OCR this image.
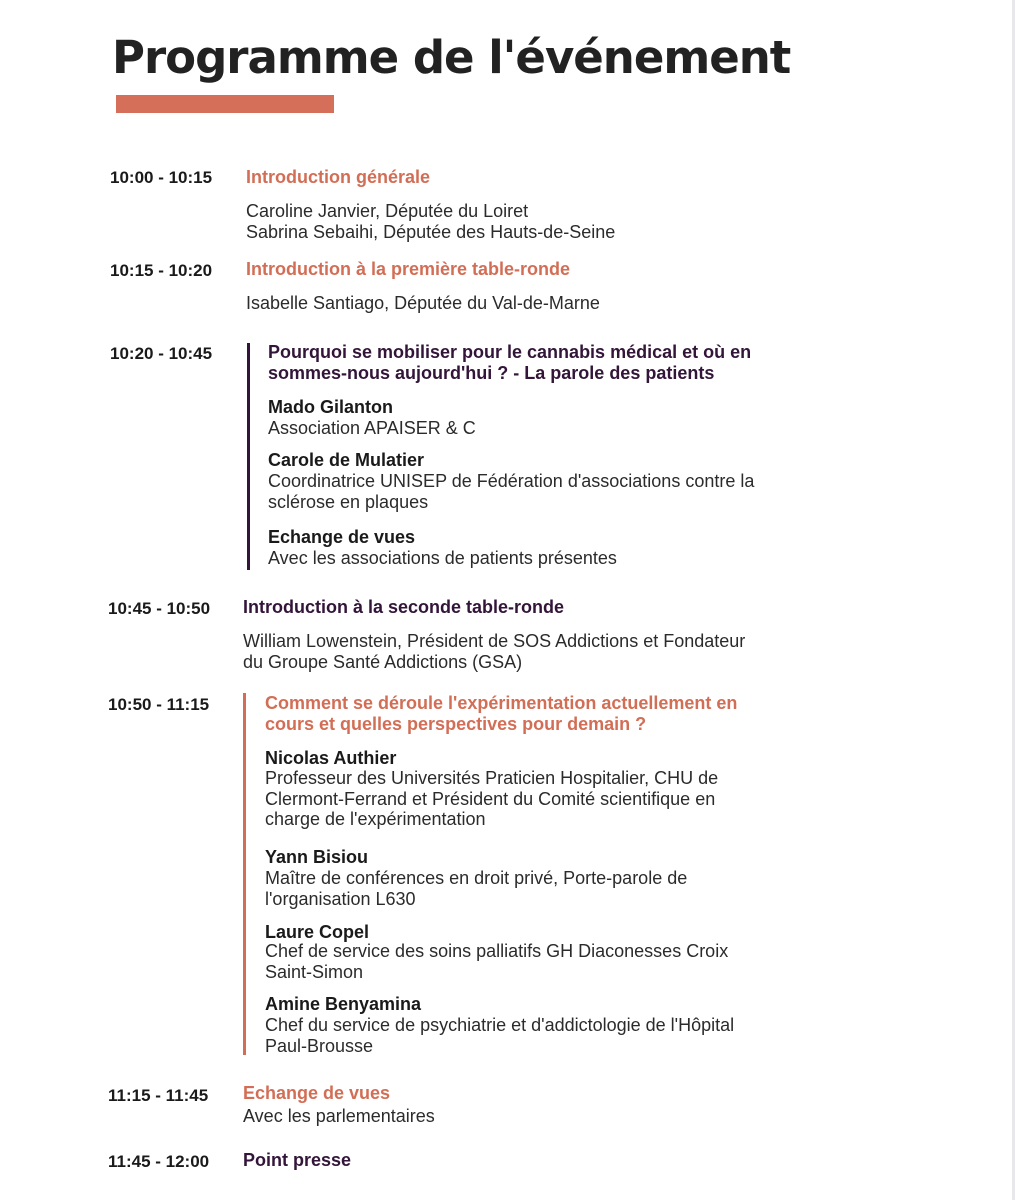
Programme de l'événement
10:00 - 10:15 Introduction générale
Caroline Janvier, Députée du Loiret
Sabrina Sebaihi, Députée des Hauts-de-Seine
10:15 - 10:20 Introduction à la première table-ronde
Isabelle Santiago, Députée du Val-de-Marne
10:20 - 10:45	Pourquoi se mobiliser pour le cannabis médical et où en
sommes-nous aujourd'hui ? - La parole des patients
Mado Gilanton
Association APAISER & C
Carole de Mulatier
Coordinatrice UNISEP de Fédération d'associations contre la
sclérose en plaques
Echange de vues
Avec les associations de patients présentes
10:45 - 10:50 Introduction à la seconde table-ronde
William Lowenstein, Président de SOS Addictions et Fondateur
du Groupe Santé Addictions (GSA)
10:50 - 11:15	Comment se déroule l'expérimentation actuellement en
cours et quelles perspectives pour demain ?
Nicolas Authier
Professeur des Universités Praticien Hospitalier, CHU de
Clermont-Ferrand et Président du Comité scientifique en
charge de l'expérimentation
Yann Bisiou
Maître de conférences en droit privé, Porte-parole de
l'organisation L630
Laure Copel
Chef de service des soins palliatifs GH Diaconesses Croix
Saint-Simon
Amine Benyamina
Chef du service de psychiatrie et d'addictologie de l'Hôpital
Paul-Brousse
11:15 - 11:45 Echange de vues
Avec les parlementaires
11:45 - 12:00 Point presse
